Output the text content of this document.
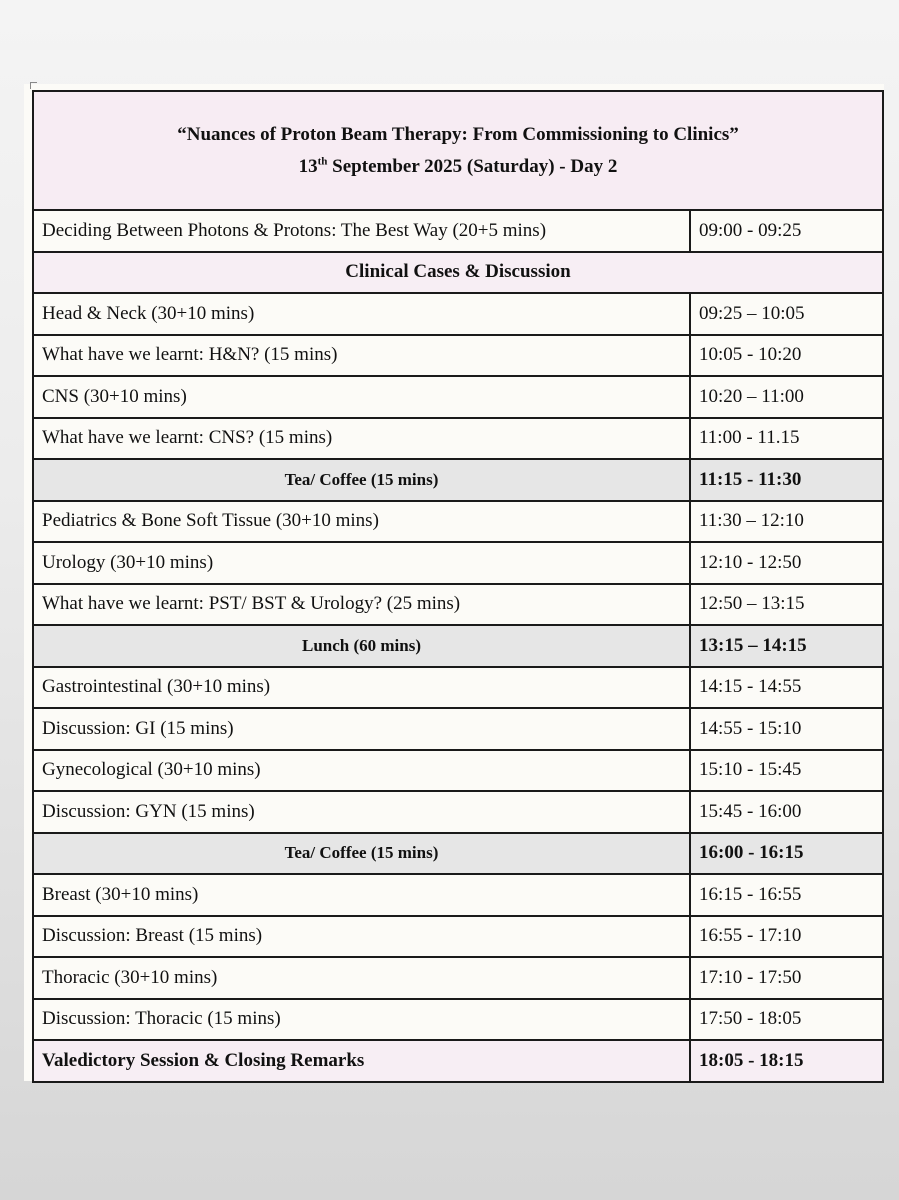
“Nuances of Proton Beam Therapy: From Commissioning to Clinics”
13th September 2025 (Saturday) - Day 2	

Deciding Between Photons & Protons: The Best Way (20+5 mins)	09:00 - 09:25
Clinical Cases & Discussion	
Head & Neck (30+10 mins)	09:25 – 10:05
What have we learnt: H&N? (15 mins)	10:05 - 10:20
CNS (30+10 mins)	10:20 – 11:00
What have we learnt: CNS? (15 mins)	11:00 - 11.15
Tea/ Coffee (15 mins)	11:15 - 11:30
Pediatrics & Bone Soft Tissue (30+10 mins)	11:30 – 12:10
Urology (30+10 mins)	12:10 - 12:50
What have we learnt: PST/ BST & Urology? (25 mins)	12:50 – 13:15
Lunch (60 mins)	13:15 – 14:15
Gastrointestinal (30+10 mins)	14:15 - 14:55
Discussion: GI (15 mins)	14:55 - 15:10
Gynecological (30+10 mins)	15:10 - 15:45
Discussion: GYN (15 mins)	15:45 - 16:00
Tea/ Coffee (15 mins)	16:00 - 16:15
Breast (30+10 mins)	16:15 - 16:55
Discussion: Breast (15 mins)	16:55 - 17:10
Thoracic (30+10 mins)	17:10 - 17:50
Discussion: Thoracic (15 mins)	17:50 - 18:05
Valedictory Session & Closing Remarks	18:05 - 18:15
